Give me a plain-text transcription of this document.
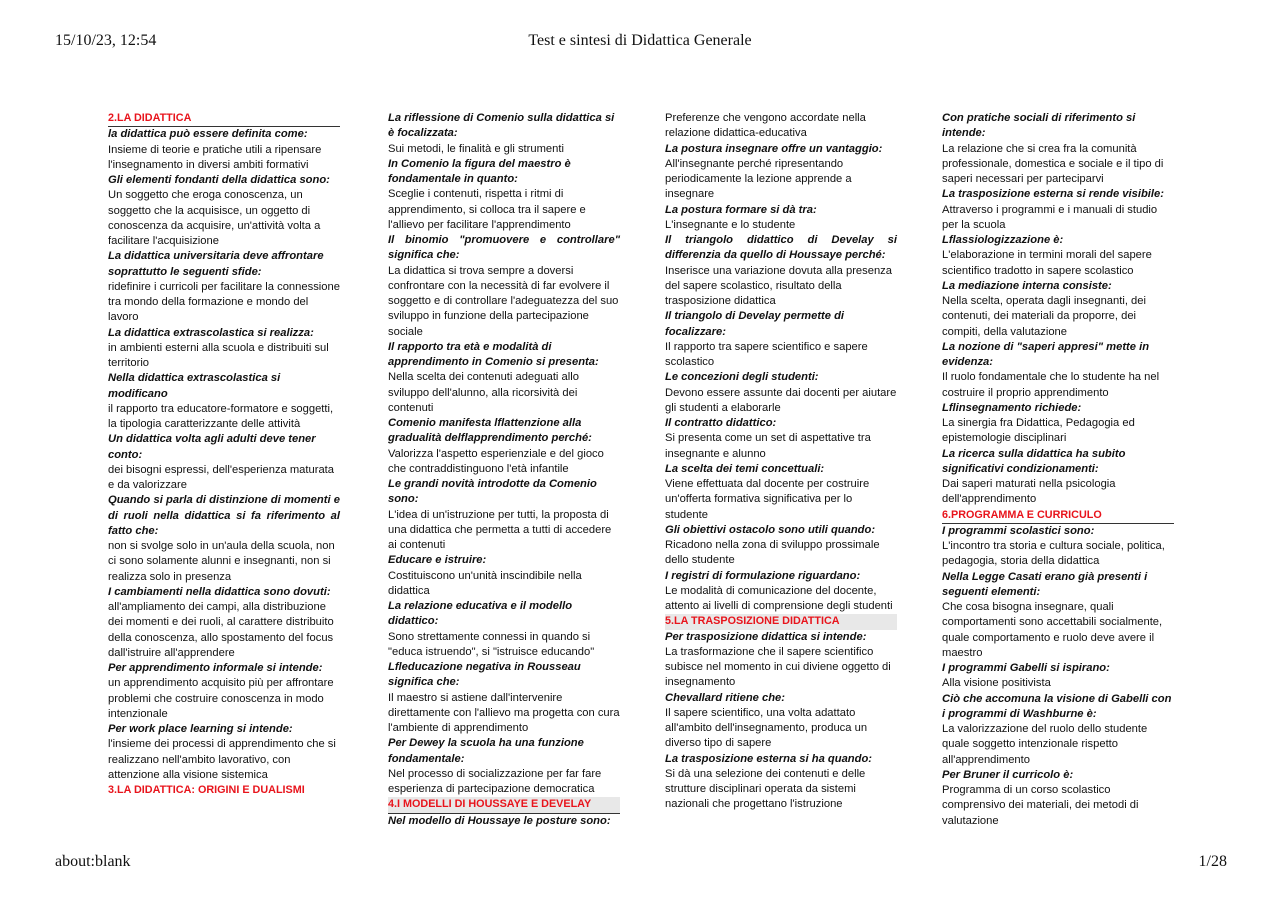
Test e sintesi di Didattica Generale
15/10/23, 12:54

2.LA DIDATTICA

la didattica può essere definita come:

Insieme di teorie e pratiche utili a ripensare l'insegnamento in diversi ambiti formativi

Gli elementi fondanti della didattica sono:

Un soggetto che eroga conoscenza, un soggetto che la acquisisce, un oggetto di conoscenza da acquisire, un'attività volta a facilitare l'acquisizione

La didattica universitaria deve affrontare soprattutto le seguenti sfide:

ridefinire i curricoli per facilitare la connessione tra mondo della formazione e mondo del lavoro

La didattica extrascolastica si realizza:

in ambienti esterni alla scuola e distribuiti sul territorio

Nella didattica extrascolastica si modificano

il rapporto tra educatore-formatore e soggetti, la tipologia caratterizzante delle attività

Un didattica volta agli adulti deve tener conto:

dei bisogni espressi, dell'esperienza maturata e da valorizzare

Quando si parla di distinzione di momenti e di ruoli nella didattica si fa riferimento al fatto che:

non si svolge solo in un'aula della scuola, non ci sono solamente alunni e insegnanti, non si realizza solo in presenza

I cambiamenti nella didattica sono dovuti:

all'ampliamento dei campi, alla distribuzione dei momenti e dei ruoli, al carattere distribuito della conoscenza, allo spostamento del focus dall'istruire all'apprendere

Per apprendimento informale si intende:

un apprendimento acquisito più per affrontare problemi che costruire conoscenza in modo intenzionale

Per work place learning si intende:

l'insieme dei processi di apprendimento che si realizzano nell'ambito lavorativo, con attenzione alla visione sistemica

3.LA DIDATTICA: ORIGINI E DUALISMI

La riflessione di Comenio sulla didattica si è focalizzata:

Sui metodi, le finalità e gli strumenti

In Comenio la figura del maestro è fondamentale in quanto:

Sceglie i contenuti, rispetta i ritmi di apprendimento, si colloca tra il sapere e l'allievo per facilitare l'apprendimento

Il binomio "promuovere e controllare" significa che:

La didattica si trova sempre a doversi confrontare con la necessità di far evolvere il soggetto e di controllare l'adeguatezza del suo sviluppo in funzione della partecipazione sociale

Il rapporto tra età e modalità di apprendimento in Comenio si presenta:

Nella scelta dei contenuti adeguati allo sviluppo dell'alunno, alla ricorsività dei contenuti

Comenio manifesta lflattenzione alla gradualità delflapprendimento perché:

Valorizza l'aspetto esperienziale e del gioco che contraddistinguono l'età infantile

Le grandi novità introdotte da Comenio sono:

L'idea di un'istruzione per tutti, la proposta di una didattica che permetta a tutti di accedere ai contenuti

Educare e istruire:

Costituiscono un'unità inscindibile nella didattica

La relazione educativa e il modello didattico:

Sono strettamente connessi in quando si "educa istruendo", si "istruisce educando"

Lfleducazione negativa in Rousseau significa che:

Il maestro si astiene dall'intervenire direttamente con l'allievo ma progetta con cura l'ambiente di apprendimento

Per Dewey la scuola ha una funzione fondamentale:

Nel processo di socializzazione per far fare esperienza di partecipazione democratica

4.I MODELLI DI HOUSSAYE E DEVELAY

Nel modello di Houssaye le posture sono:

Preferenze che vengono accordate nella relazione didattica-educativa

La postura insegnare offre un vantaggio:

All'insegnante perché ripresentando periodicamente la lezione apprende a insegnare

La postura formare si dà tra:

L'insegnante e lo studente

Il triangolo didattico di Develay si differenzia da quello di Houssaye perché:

Inserisce una variazione dovuta alla presenza del sapere scolastico, risultato della trasposizione didattica

Il triangolo di Develay permette di focalizzare:

Il rapporto tra sapere scientifico e sapere scolastico

Le concezioni degli studenti:

Devono essere assunte dai docenti per aiutare gli studenti a elaborarle

Il contratto didattico:

Si presenta come un set di aspettative tra insegnante e alunno

La scelta dei temi concettuali:

Viene effettuata dal docente per costruire un'offerta formativa significativa per lo studente

Gli obiettivi ostacolo sono utili quando:

Ricadono nella zona di sviluppo prossimale dello studente

I registri di formulazione riguardano:

Le modalità di comunicazione del docente, attento ai livelli di comprensione degli studenti

5.LA TRASPOSIZIONE DIDATTICA

Per trasposizione didattica si intende:

La trasformazione che il sapere scientifico subisce nel momento in cui diviene oggetto di insegnamento

Chevallard ritiene che:

Il sapere scientifico, una volta adattato all'ambito dell'insegnamento, produca un diverso tipo di sapere

La trasposizione esterna si ha quando:

Si dà una selezione dei contenuti e delle strutture disciplinari operata da sistemi nazionali che progettano l'istruzione

Con pratiche sociali di riferimento si intende:

La relazione che si crea fra la comunità professionale, domestica e sociale e il tipo di saperi necessari per parteciparvi

La trasposizione esterna si rende visibile:

Attraverso i programmi e i manuali di studio per la scuola

Lflassiologizzazione è:

L'elaborazione in termini morali del sapere scientifico tradotto in sapere scolastico

La mediazione interna consiste:

Nella scelta, operata dagli insegnanti, dei contenuti, dei materiali da proporre, dei compiti, della valutazione

La nozione di "saperi appresi" mette in evidenza:

Il ruolo fondamentale che lo studente ha nel costruire il proprio apprendimento

Lflinsegnamento richiede:

La sinergia fra Didattica, Pedagogia ed epistemologie disciplinari

La ricerca sulla didattica ha subito significativi condizionamenti:

Dai saperi maturati nella psicologia dell'apprendimento

6.PROGRAMMA E CURRICULO

I programmi scolastici sono:

L'incontro tra storia e cultura sociale, politica, pedagogia, storia della didattica

Nella Legge Casati erano già presenti i seguenti elementi:

Che cosa bisogna insegnare, quali comportamenti sono accettabili socialmente, quale comportamento e ruolo deve avere il maestro

I programmi Gabelli si ispirano:

Alla visione positivista

Ciò che accomuna la visione di Gabelli con i programmi di Washburne è:

La valorizzazione del ruolo dello studente quale soggetto intenzionale rispetto all'apprendimento

Per Bruner il curricolo è:

Programma di un corso scolastico comprensivo dei materiali, dei metodi di valutazione

about:blank	1/28
